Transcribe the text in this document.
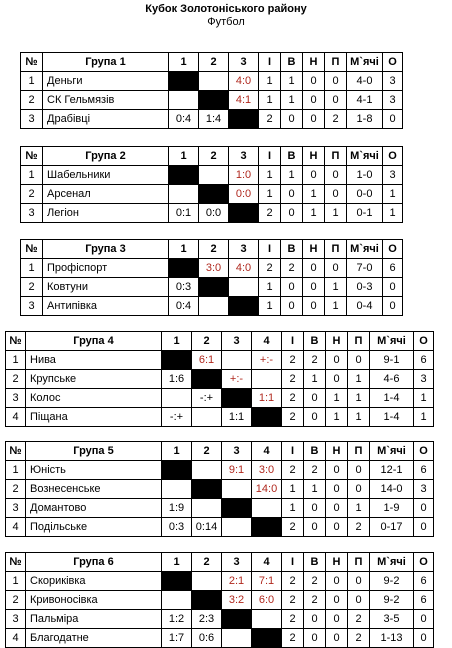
Кубок Золотоніського району
Футбол
№	Група 1	1	2	3	І	В	Н	П	М`ячі	О
1	Деньги			4:0	1	1	0	0	4-0	3
2	СК Гельмязів			4:1	1	1	0	0	4-1	3
3	Драбівці	0:4	1:4		2	0	0	2	1-8	0
№	Група 2	1	2	3	І	В	Н	П	М`ячі	О
1	Шабельники			1:0	1	1	0	0	1-0	3
2	Арсенал			0:0	1	0	1	0	0-0	1
3	Легіон	0:1	0:0		2	0	1	1	0-1	1
№	Група 3	1	2	3	І	В	Н	П	М`ячі	О
1	Профіспорт		3:0	4:0	2	2	0	0	7-0	6
2	Ковтуни	0:3			1	0	0	1	0-3	0
3	Антипівка	0:4			1	0	0	1	0-4	0
№	Група 4	1	2	3	4	І	В	Н	П	М`ячі	О
1	Нива		6:1		+:-	2	2	0	0	9-1	6
2	Крупське	1:6		+:-		2	1	0	1	4-6	3
3	Колос		-:+		1:1	2	0	1	1	1-4	1
4	Піщана	-:+		1:1		2	0	1	1	1-4	1
№	Група 5	1	2	3	4	І	В	Н	П	М`ячі	О
1	Юність			9:1	3:0	2	2	0	0	12-1	6
2	Вознесенське				14:0	1	1	0	0	14-0	3
3	Домантово	1:9				1	0	0	1	1-9	0
4	Подільське	0:3	0:14			2	0	0	2	0-17	0
№	Група 6	1	2	3	4	І	В	Н	П	М`ячі	О
1	Скориківка			2:1	7:1	2	2	0	0	9-2	6
2	Кривоносівка			3:2	6:0	2	2	0	0	9-2	6
3	Пальміра	1:2	2:3			2	0	0	2	3-5	0
4	Благодатне	1:7	0:6			2	0	0	2	1-13	0
